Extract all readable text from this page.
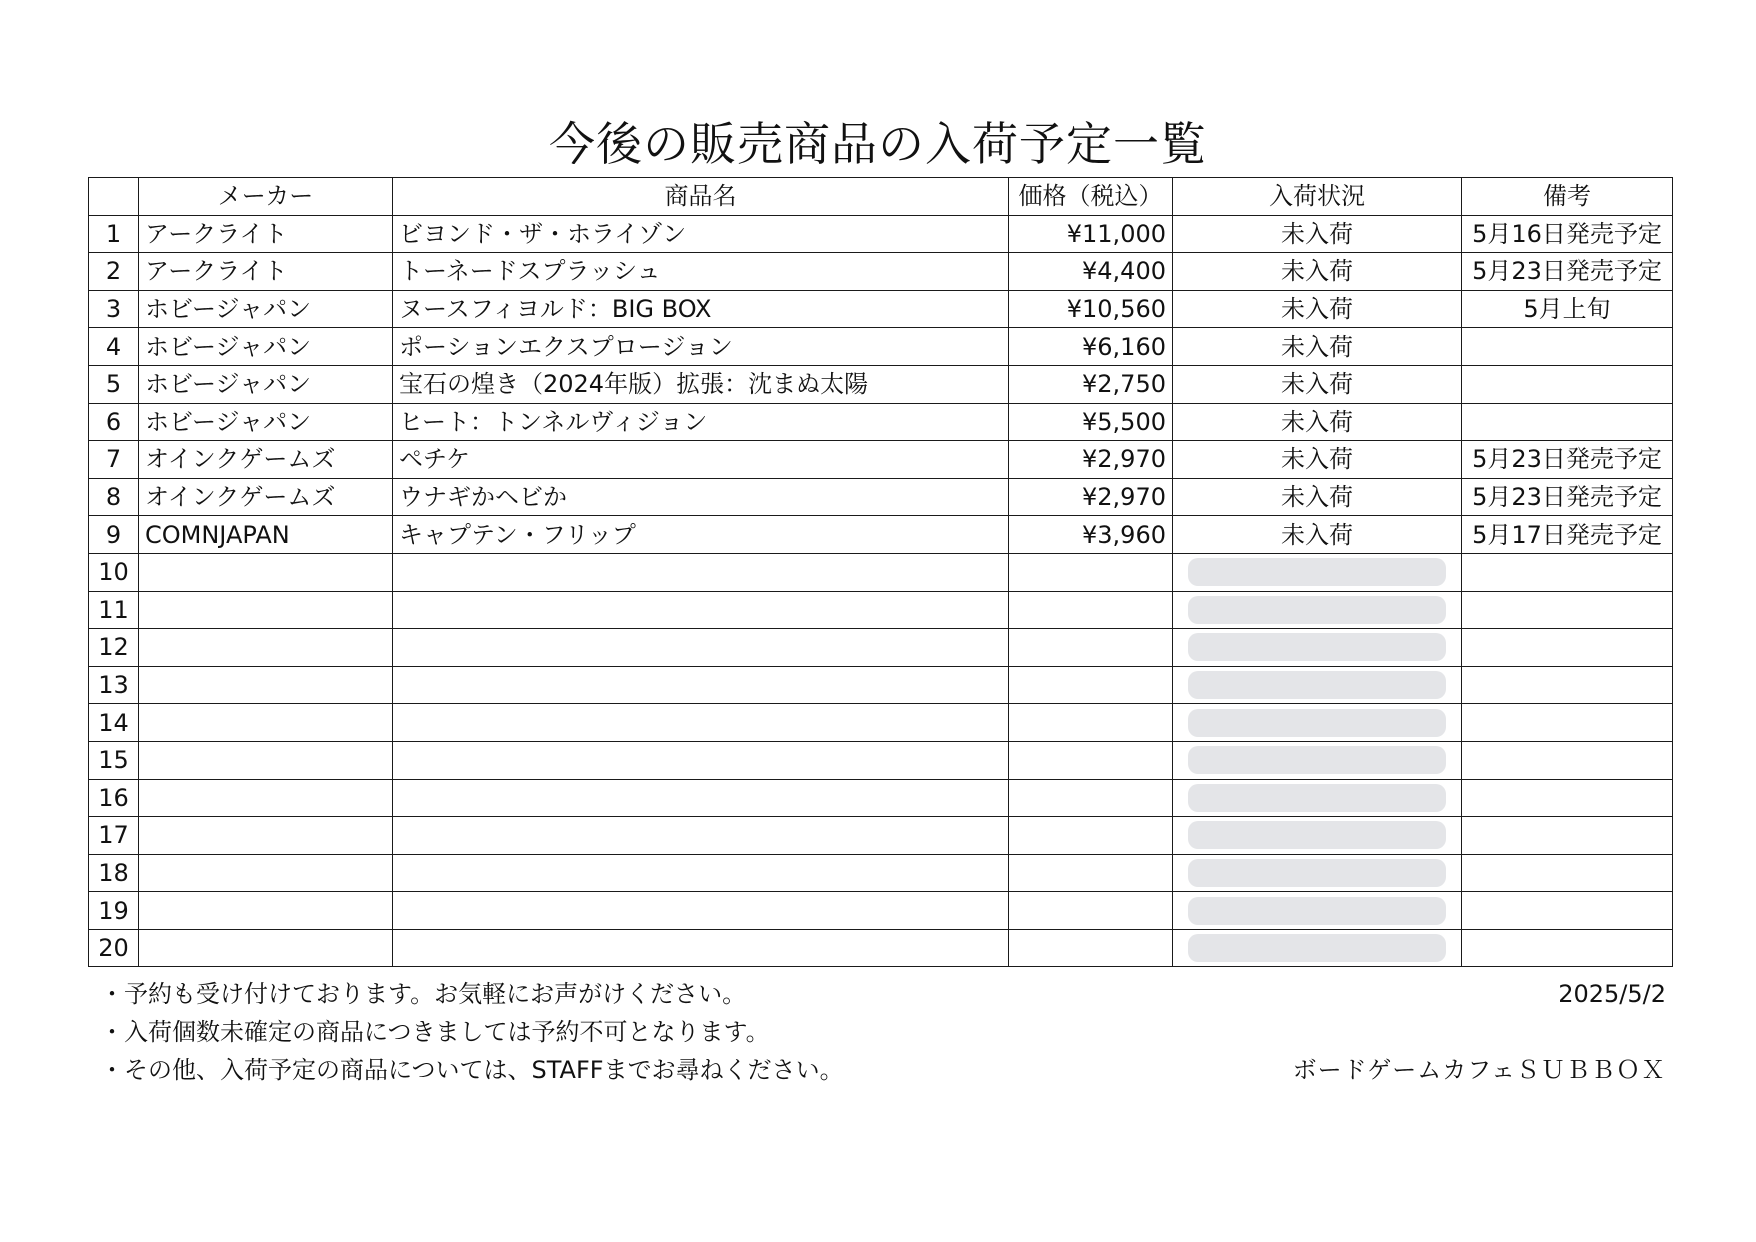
今後の販売商品の入荷予定一覧
	メーカー	商品名	価格（税込）	入荷状況	備考
1	アークライト	ビヨンド・ザ・ホライゾン	¥11,000	未入荷	5月16日発売予定
2	アークライト	トーネードスプラッシュ	¥4,400	未入荷	5月23日発売予定
3	ホビージャパン	ヌースフィヨルド：BIG BOX	¥10,560	未入荷	5月上旬
4	ホビージャパン	ポーションエクスプロージョン	¥6,160	未入荷	
5	ホビージャパン	宝石の煌き（2024年版）拡張：沈まぬ太陽	¥2,750	未入荷	
6	ホビージャパン	ヒート：トンネルヴィジョン	¥5,500	未入荷	
7	オインクゲームズ	ペチケ	¥2,970	未入荷	5月23日発売予定
8	オインクゲームズ	ウナギかヘビか	¥2,970	未入荷	5月23日発売予定
9	COMNJAPAN	キャプテン・フリップ	¥3,960	未入荷	5月17日発売予定
10				

11				

12				

13				

14				

15				

16				

17				

18				

19				

20				

・予約も受け付けております。お気軽にお声がけください。
・入荷個数未確定の商品につきましては予約不可となります。
・その他、入荷予定の商品については、STAFFまでお尋ねください。
2025/5/2
ボードゲームカフェＳＵＢＢＯＸ
